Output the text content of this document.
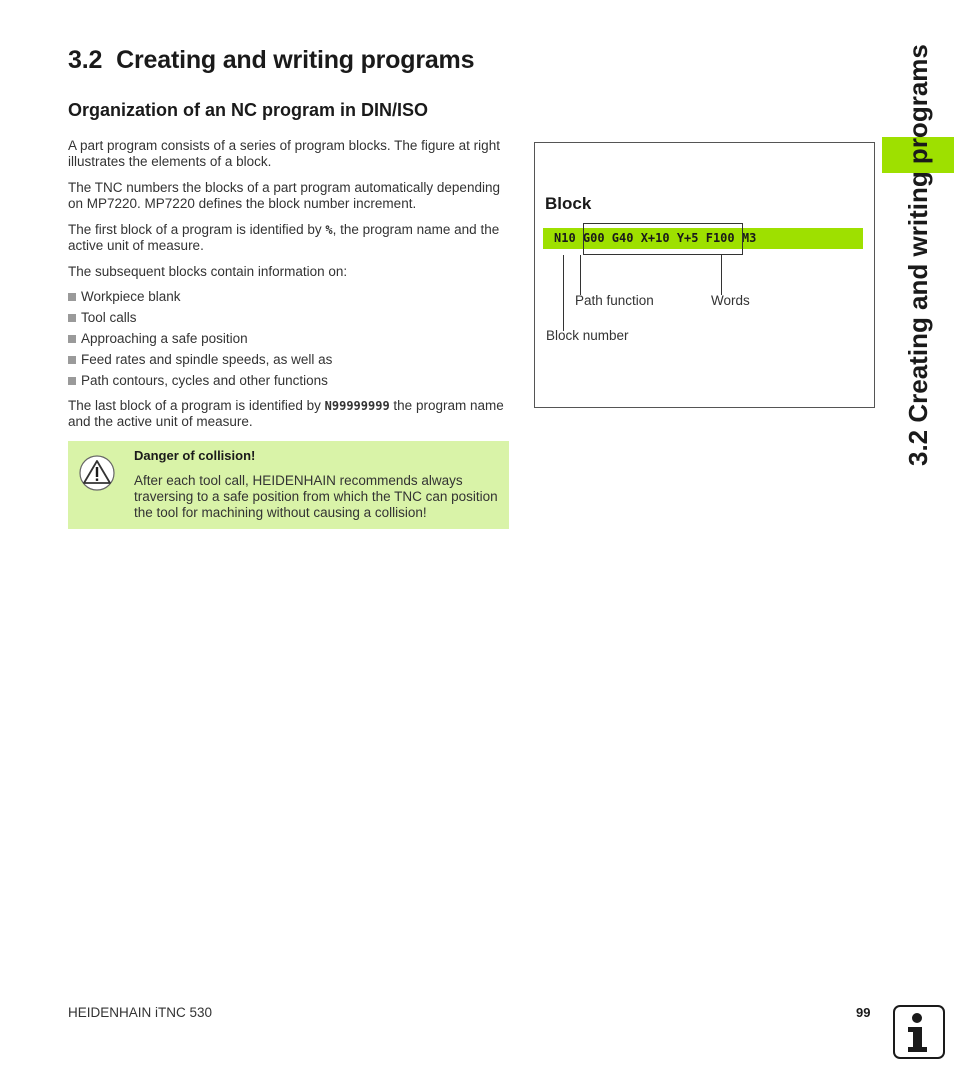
3.2 Creating and writing programs
Organization of an NC program in DIN/ISO
A part program consists of a series of program blocks. The figure at right illustrates the elements of a block.
The TNC numbers the blocks of a part program automatically depending on MP7220. MP7220 defines the block number increment.
The first block of a program is identified by %, the program name and the active unit of measure.
The subsequent blocks contain information on:
Workpiece blank
Tool calls
Approaching a safe position
Feed rates and spindle speeds, as well as
Path contours, cycles and other functions
The last block of a program is identified by N99999999 the program name and the active unit of measure.
Danger of collision!
After each tool call, HEIDENHAIN recommends always traversing to a safe position from which the TNC can position the tool for machining without causing a collision!
Block
N10 G00 G40 X+10 Y+5 F100 M3
Path function	Words
Block number	3.2 Creating and writing programs
HEIDENHAIN iTNC 530	99
